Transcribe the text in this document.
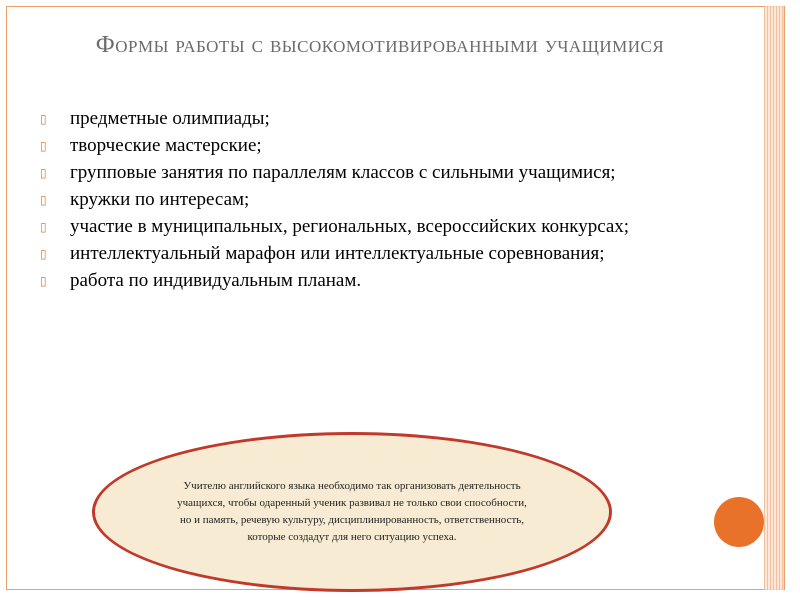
Формы работы с высокомотивированными учащимися
▯ предметные олимпиады;
▯ творческие мастерские;
▯ групповые занятия по параллелям классов с сильными учащимися;
▯ кружки по интересам;
▯ участие в муниципальных, региональных, всероссийских конкурсах;
▯ интеллектуальный марафон или интеллектуальные соревнования;
▯ работа по индивидуальным планам.
Учителю английского языка необходимо так организовать деятельность учащихся, чтобы одаренный ученик развивал не только свои способности, но и память, речевую культуру, дисциплинированность, ответственность, которые создадут для него ситуацию успеха.
